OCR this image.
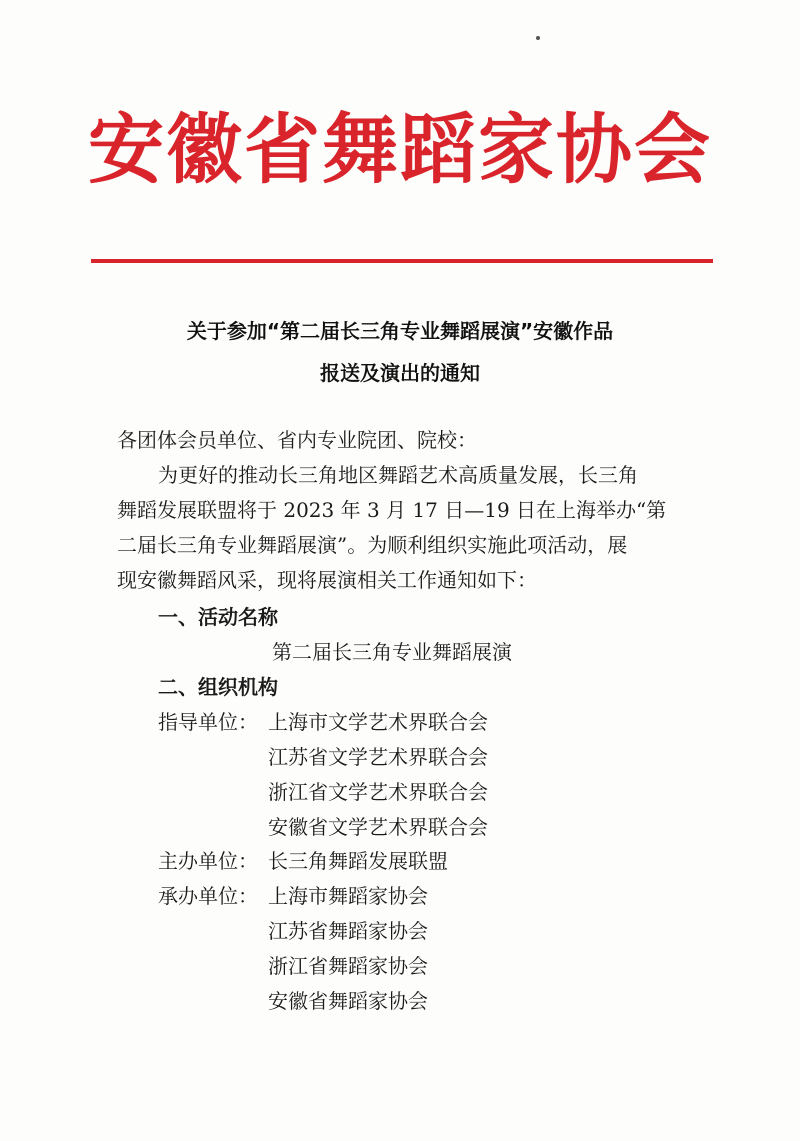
安徽省舞蹈家协会
关于参加“第二届长三角专业舞蹈展演”安徽作品
报送及演出的通知
各团体会员单位、省内专业院团、院校：
为更好的推动长三角地区舞蹈艺术高质量发展，长三角
舞蹈发展联盟将于 2023 年 3 月 17 日—19 日在上海举办“第
二届长三角专业舞蹈展演”。为顺利组织实施此项活动，展
现安徽舞蹈风采，现将展演相关工作通知如下：
一、活动名称
第二届长三角专业舞蹈展演
二、组织机构
指导单位： 上海市文学艺术界联合会
江苏省文学艺术界联合会
浙江省文学艺术界联合会
安徽省文学艺术界联合会
主办单位： 长三角舞蹈发展联盟
承办单位： 上海市舞蹈家协会
江苏省舞蹈家协会
浙江省舞蹈家协会
安徽省舞蹈家协会
